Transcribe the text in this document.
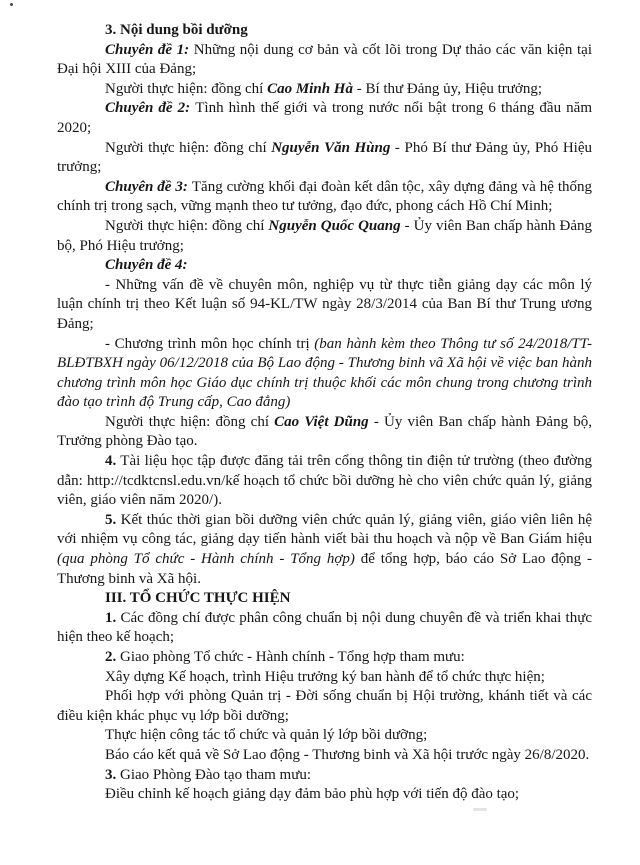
3. Nội dung bồi dưỡng

Chuyên đề 1: Những nội dung cơ bản và cốt lõi trong Dự thảo các văn kiện tại Đại hội XIII của Đảng;

Người thực hiện: đồng chí Cao Minh Hà - Bí thư Đảng ủy, Hiệu trưởng;

Chuyên đề 2: Tình hình thế giới và trong nước nổi bật trong 6 tháng đầu năm 2020;

Người thực hiện: đồng chí Nguyễn Văn Hùng - Phó Bí thư Đảng ủy, Phó Hiệu trưởng;

Chuyên đề 3: Tăng cường khối đại đoàn kết dân tộc, xây dựng đảng và hệ thống chính trị trong sạch, vững mạnh theo tư tưởng, đạo đức, phong cách Hồ Chí Minh;

Người thực hiện: đồng chí Nguyễn Quốc Quang - Ủy viên Ban chấp hành Đảng bộ, Phó Hiệu trưởng;

Chuyên đề 4:

- Những vấn đề về chuyên môn, nghiệp vụ từ thực tiễn giảng dạy các môn lý luận chính trị theo Kết luận số 94-KL/TW ngày 28/3/2014 của Ban Bí thư Trung ương Đảng;

- Chương trình môn học chính trị (ban hành kèm theo Thông tư số 24/2018/TT-BLĐTBXH ngày 06/12/2018 của Bộ Lao động - Thương binh vã Xã hội về việc ban hành chương trình môn học Giáo dục chính trị thuộc khối các môn chung trong chương trình đào tạo trình độ Trung cấp, Cao đẳng)

Người thực hiện: đồng chí Cao Việt Dũng - Ủy viên Ban chấp hành Đảng bộ, Trưởng phòng Đào tạo.

4. Tài liệu học tập được đăng tải trên cổng thông tin điện tử trường (theo đường dẫn: http://tcdktcnsl.edu.vn/kế hoạch tổ chức bồi dưỡng hè cho viên chức quản lý, giảng viên, giáo viên năm 2020/).

5. Kết thúc thời gian bồi dưỡng viên chức quản lý, giảng viên, giáo viên liên hệ với nhiệm vụ công tác, giảng dạy tiến hành viết bài thu hoạch và nộp về Ban Giám hiệu (qua phòng Tổ chức - Hành chính - Tổng hợp) để tổng hợp, báo cáo Sở Lao động - Thương binh và Xã hội.

III. TỔ CHỨC THỰC HIỆN

1. Các đồng chí được phân công chuẩn bị nội dung chuyên đề và triển khai thực hiện theo kế hoạch;

2. Giao phòng Tổ chức - Hành chính - Tổng hợp tham mưu:

Xây dựng Kế hoạch, trình Hiệu trưởng ký ban hành để tổ chức thực hiện;

Phối hợp với phòng Quản trị - Đời sống chuẩn bị Hội trường, khánh tiết và các điều kiện khác phục vụ lớp bồi dưỡng;

Thực hiện công tác tổ chức và quản lý lớp bồi dưỡng;

Báo cáo kết quả về Sở Lao động - Thương binh và Xã hội trước ngày 26/8/2020.

3. Giao Phòng Đào tạo tham mưu:

Điều chỉnh kế hoạch giảng dạy đảm bảo phù hợp với tiến độ đào tạo;
